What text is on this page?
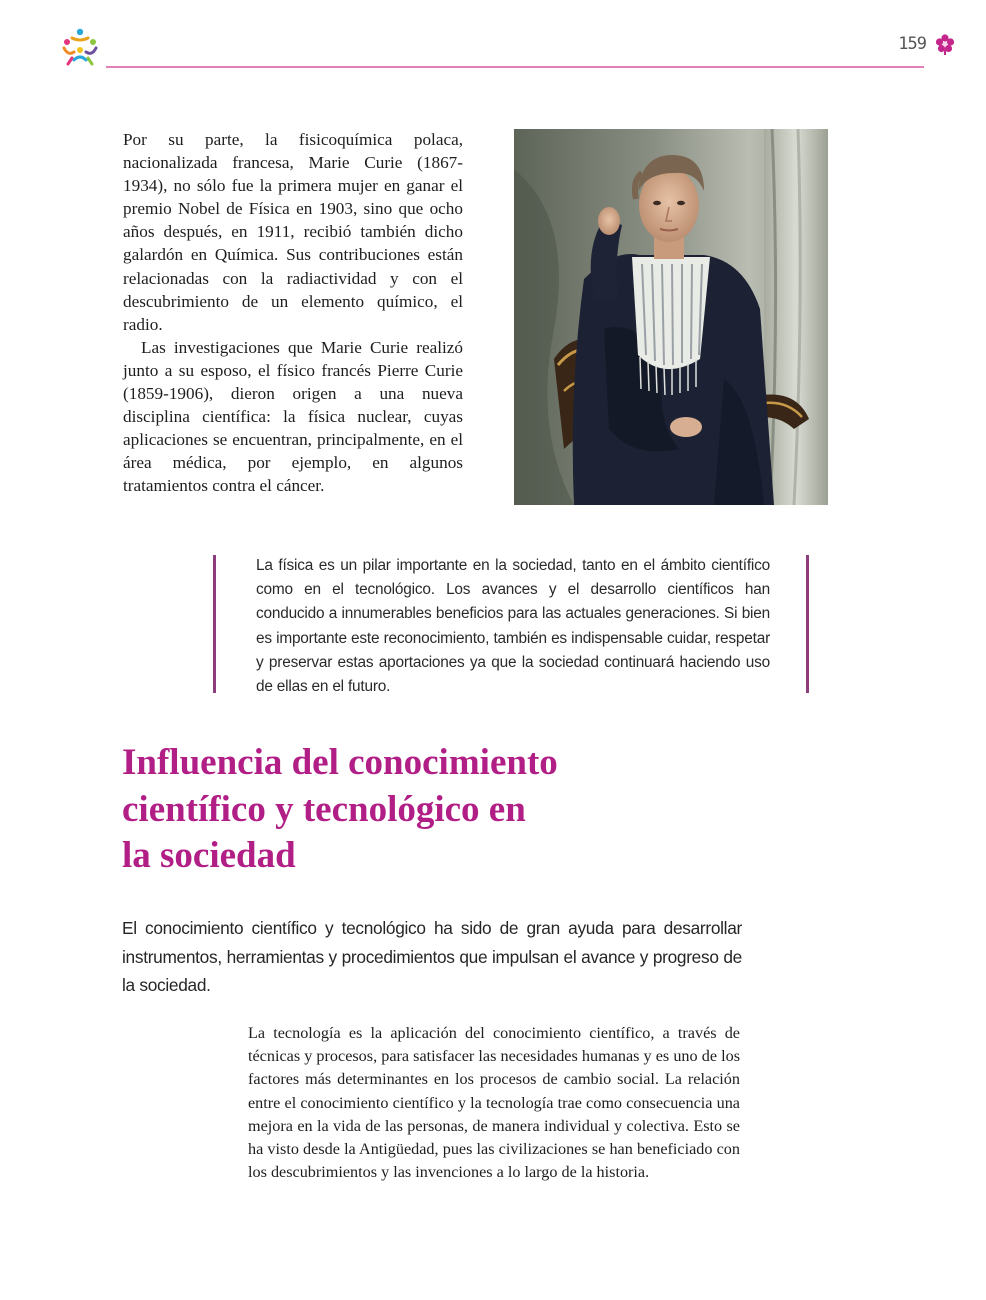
159

Por su parte, la fisicoquímica polaca, nacionalizada francesa, Marie Curie (1867-1934), no sólo fue la primera mujer en ganar el premio Nobel de Física en 1903, sino que ocho años después, en 1911, recibió también dicho galardón en Química. Sus contribuciones están relacionadas con la radiactividad y con el descubrimiento de un elemento químico, el radio.

Las investigaciones que Marie Curie realizó junto a su esposo, el físico francés Pierre Curie (1859-1906), dieron origen a una nueva disciplina científica: la física nuclear, cuyas aplicaciones se encuentran, principalmente, en el área médica, por ejemplo, en algunos tratamientos contra el cáncer.

La física es un pilar importante en la sociedad, tanto en el ámbito científico como en el tecnológico. Los avances y el desarrollo científicos han conducido a innumerables beneficios para las actuales generaciones. Si bien es importante este reconocimiento, también es indispensable cuidar, respetar y preservar estas aportaciones ya que la sociedad continuará haciendo uso de ellas en el futuro.

Influencia del conocimiento
científico y tecnológico en
la sociedad

El conocimiento científico y tecnológico ha sido de gran ayuda para desarrollar instrumentos, herramientas y procedimientos que impulsan el avance y progreso de la sociedad.

La tecnología es la aplicación del conocimiento científico, a través de técnicas y procesos, para satisfacer las necesidades humanas y es uno de los factores más determinantes en los procesos de cambio social. La relación entre el conocimiento científico y la tecnología trae como consecuencia una mejora en la vida de las personas, de manera individual y colectiva. Esto se ha visto desde la Antigüedad, pues las civilizaciones se han beneficiado con los descubrimientos y las invenciones a lo largo de la historia.
